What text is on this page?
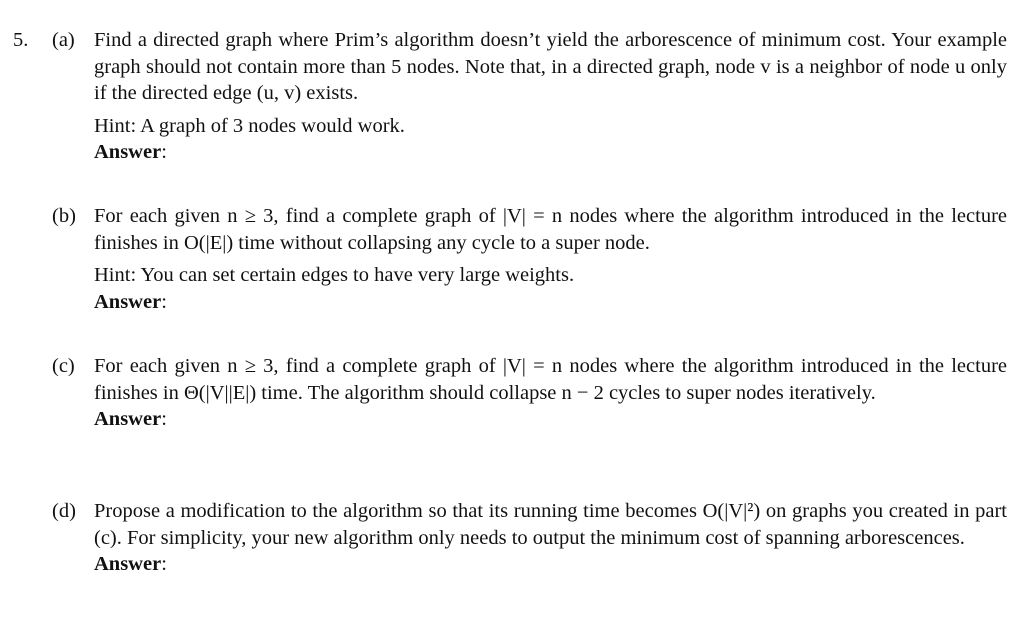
5. (a) Find a directed graph where Prim’s algorithm doesn’t yield the arborescence of minimum cost. Your example graph should not contain more than 5 nodes. Note that, in a directed graph, node v is a neighbor of node u only if the directed edge (u, v) exists.

Hint: A graph of 3 nodes would work.

Answer:

(b) For each given n ≥ 3, find a complete graph of |V| = n nodes where the algorithm introduced in the lecture finishes in O(|E|) time without collapsing any cycle to a super node.

Hint: You can set certain edges to have very large weights.

Answer:

(c) For each given n ≥ 3, find a complete graph of |V| = n nodes where the algorithm introduced in the lecture finishes in Θ(|V||E|) time. The algorithm should collapse n − 2 cycles to super nodes iteratively.

Answer:

(d) Propose a modification to the algorithm so that its running time becomes O(|V|²) on graphs you created in part (c). For simplicity, your new algorithm only needs to output the minimum cost of spanning arborescences.

Answer:
